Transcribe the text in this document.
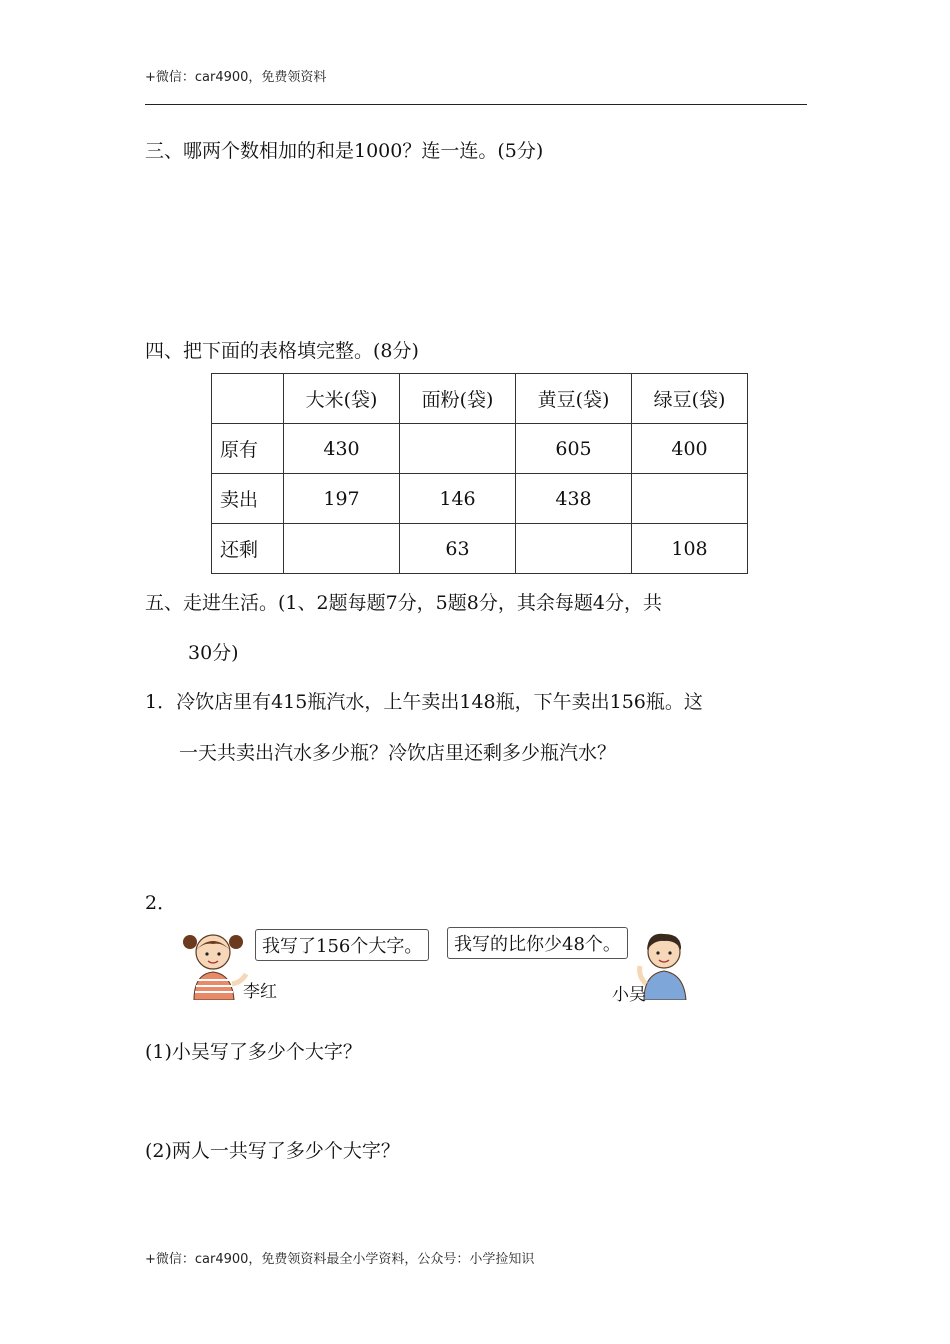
+微信：car4900，免费领资料
三、哪两个数相加的和是1000？连一连。(5分)
四、把下面的表格填完整。(8分)
	大米(袋)	面粉(袋)	黄豆(袋)	绿豆(袋)
原有	430		605	400
卖出	197	146	438	
还剩		63		108
五、走进生活。(1、2题每题7分，5题8分，其余每题4分，共
30分)
1．冷饮店里有415瓶汽水，上午卖出148瓶，下午卖出156瓶。这
一天共卖出汽水多少瓶？冷饮店里还剩多少瓶汽水？
2．
李红
我写了156个大字。	我写的比你少48个。
小吴
(1)小吴写了多少个大字？
(2)两人一共写了多少个大字？
+微信：car4900，免费领资料最全小学资料，公众号：小学捡知识
